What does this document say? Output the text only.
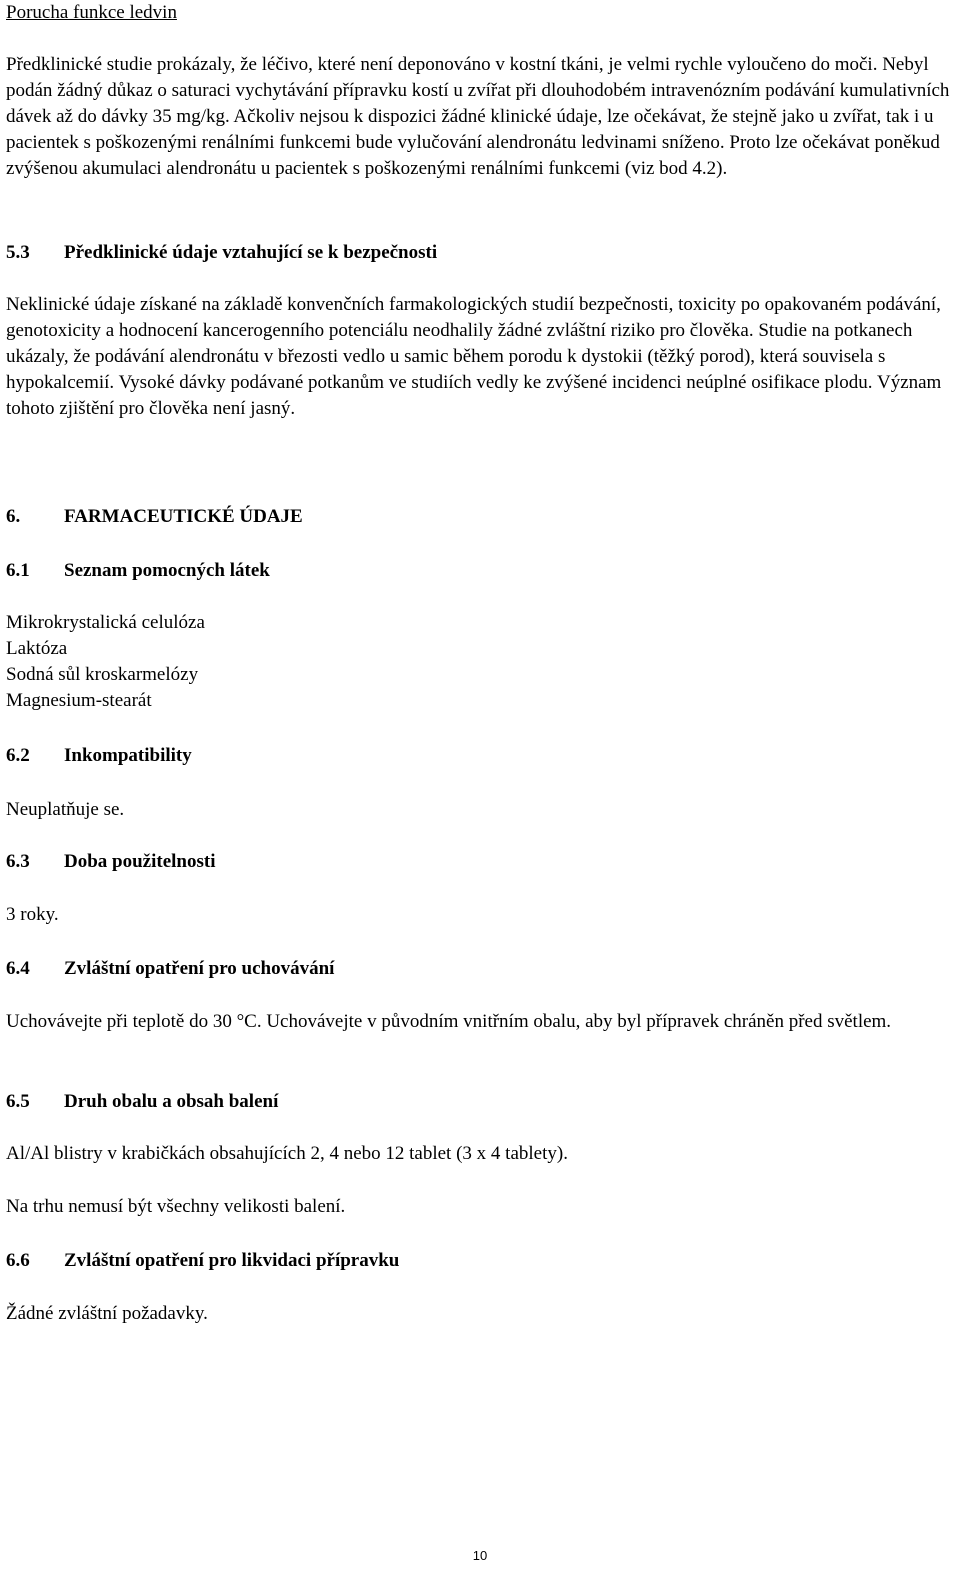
Porucha funkce ledvin

Předklinické studie prokázaly, že léčivo, které není deponováno v kostní tkáni, je velmi rychle vyloučeno do moči. Nebyl podán žádný důkaz o saturaci vychytávání přípravku kostí u zvířat při dlouhodobém intravenózním podávání kumulativních dávek až do dávky 35 mg/kg. Ačkoliv nejsou k dispozici žádné klinické údaje, lze očekávat, že stejně jako u zvířat, tak i u pacientek s poškozenými renálními funkcemi bude vylučování alendronátu ledvinami sníženo. Proto lze očekávat poněkud zvýšenou akumulaci alendronátu u pacientek s poškozenými renálními funkcemi (viz bod 4.2).

5.3 Předklinické údaje vztahující se k bezpečnosti

Neklinické údaje získané na základě konvenčních farmakologických studií bezpečnosti, toxicity po opakovaném podávání, genotoxicity a hodnocení kancerogenního potenciálu neodhalily žádné zvláštní riziko pro člověka. Studie na potkanech ukázaly, že podávání alendronátu v březosti vedlo u samic během porodu k dystokii (těžký porod), která souvisela s hypokalcemií. Vysoké dávky podávané potkanům ve studiích vedly ke zvýšené incidenci neúplné osifikace plodu. Význam tohoto zjištění pro člověka není jasný.

6. FARMACEUTICKÉ ÚDAJE

6.1 Seznam pomocných látek

Mikrokrystalická celulóza
Laktóza
Sodná sůl kroskarmelózy
Magnesium-stearát

6.2 Inkompatibility

Neuplatňuje se.

6.3 Doba použitelnosti

3 roky.

6.4 Zvláštní opatření pro uchovávání

Uchovávejte při teplotě do 30 °C. Uchovávejte v původním vnitřním obalu, aby byl přípravek chráněn před světlem.

6.5 Druh obalu a obsah balení

Al/Al blistry v krabičkách obsahujících 2, 4 nebo 12 tablet (3 x 4 tablety).

Na trhu nemusí být všechny velikosti balení.

6.6 Zvláštní opatření pro likvidaci přípravku

Žádné zvláštní požadavky.

10
